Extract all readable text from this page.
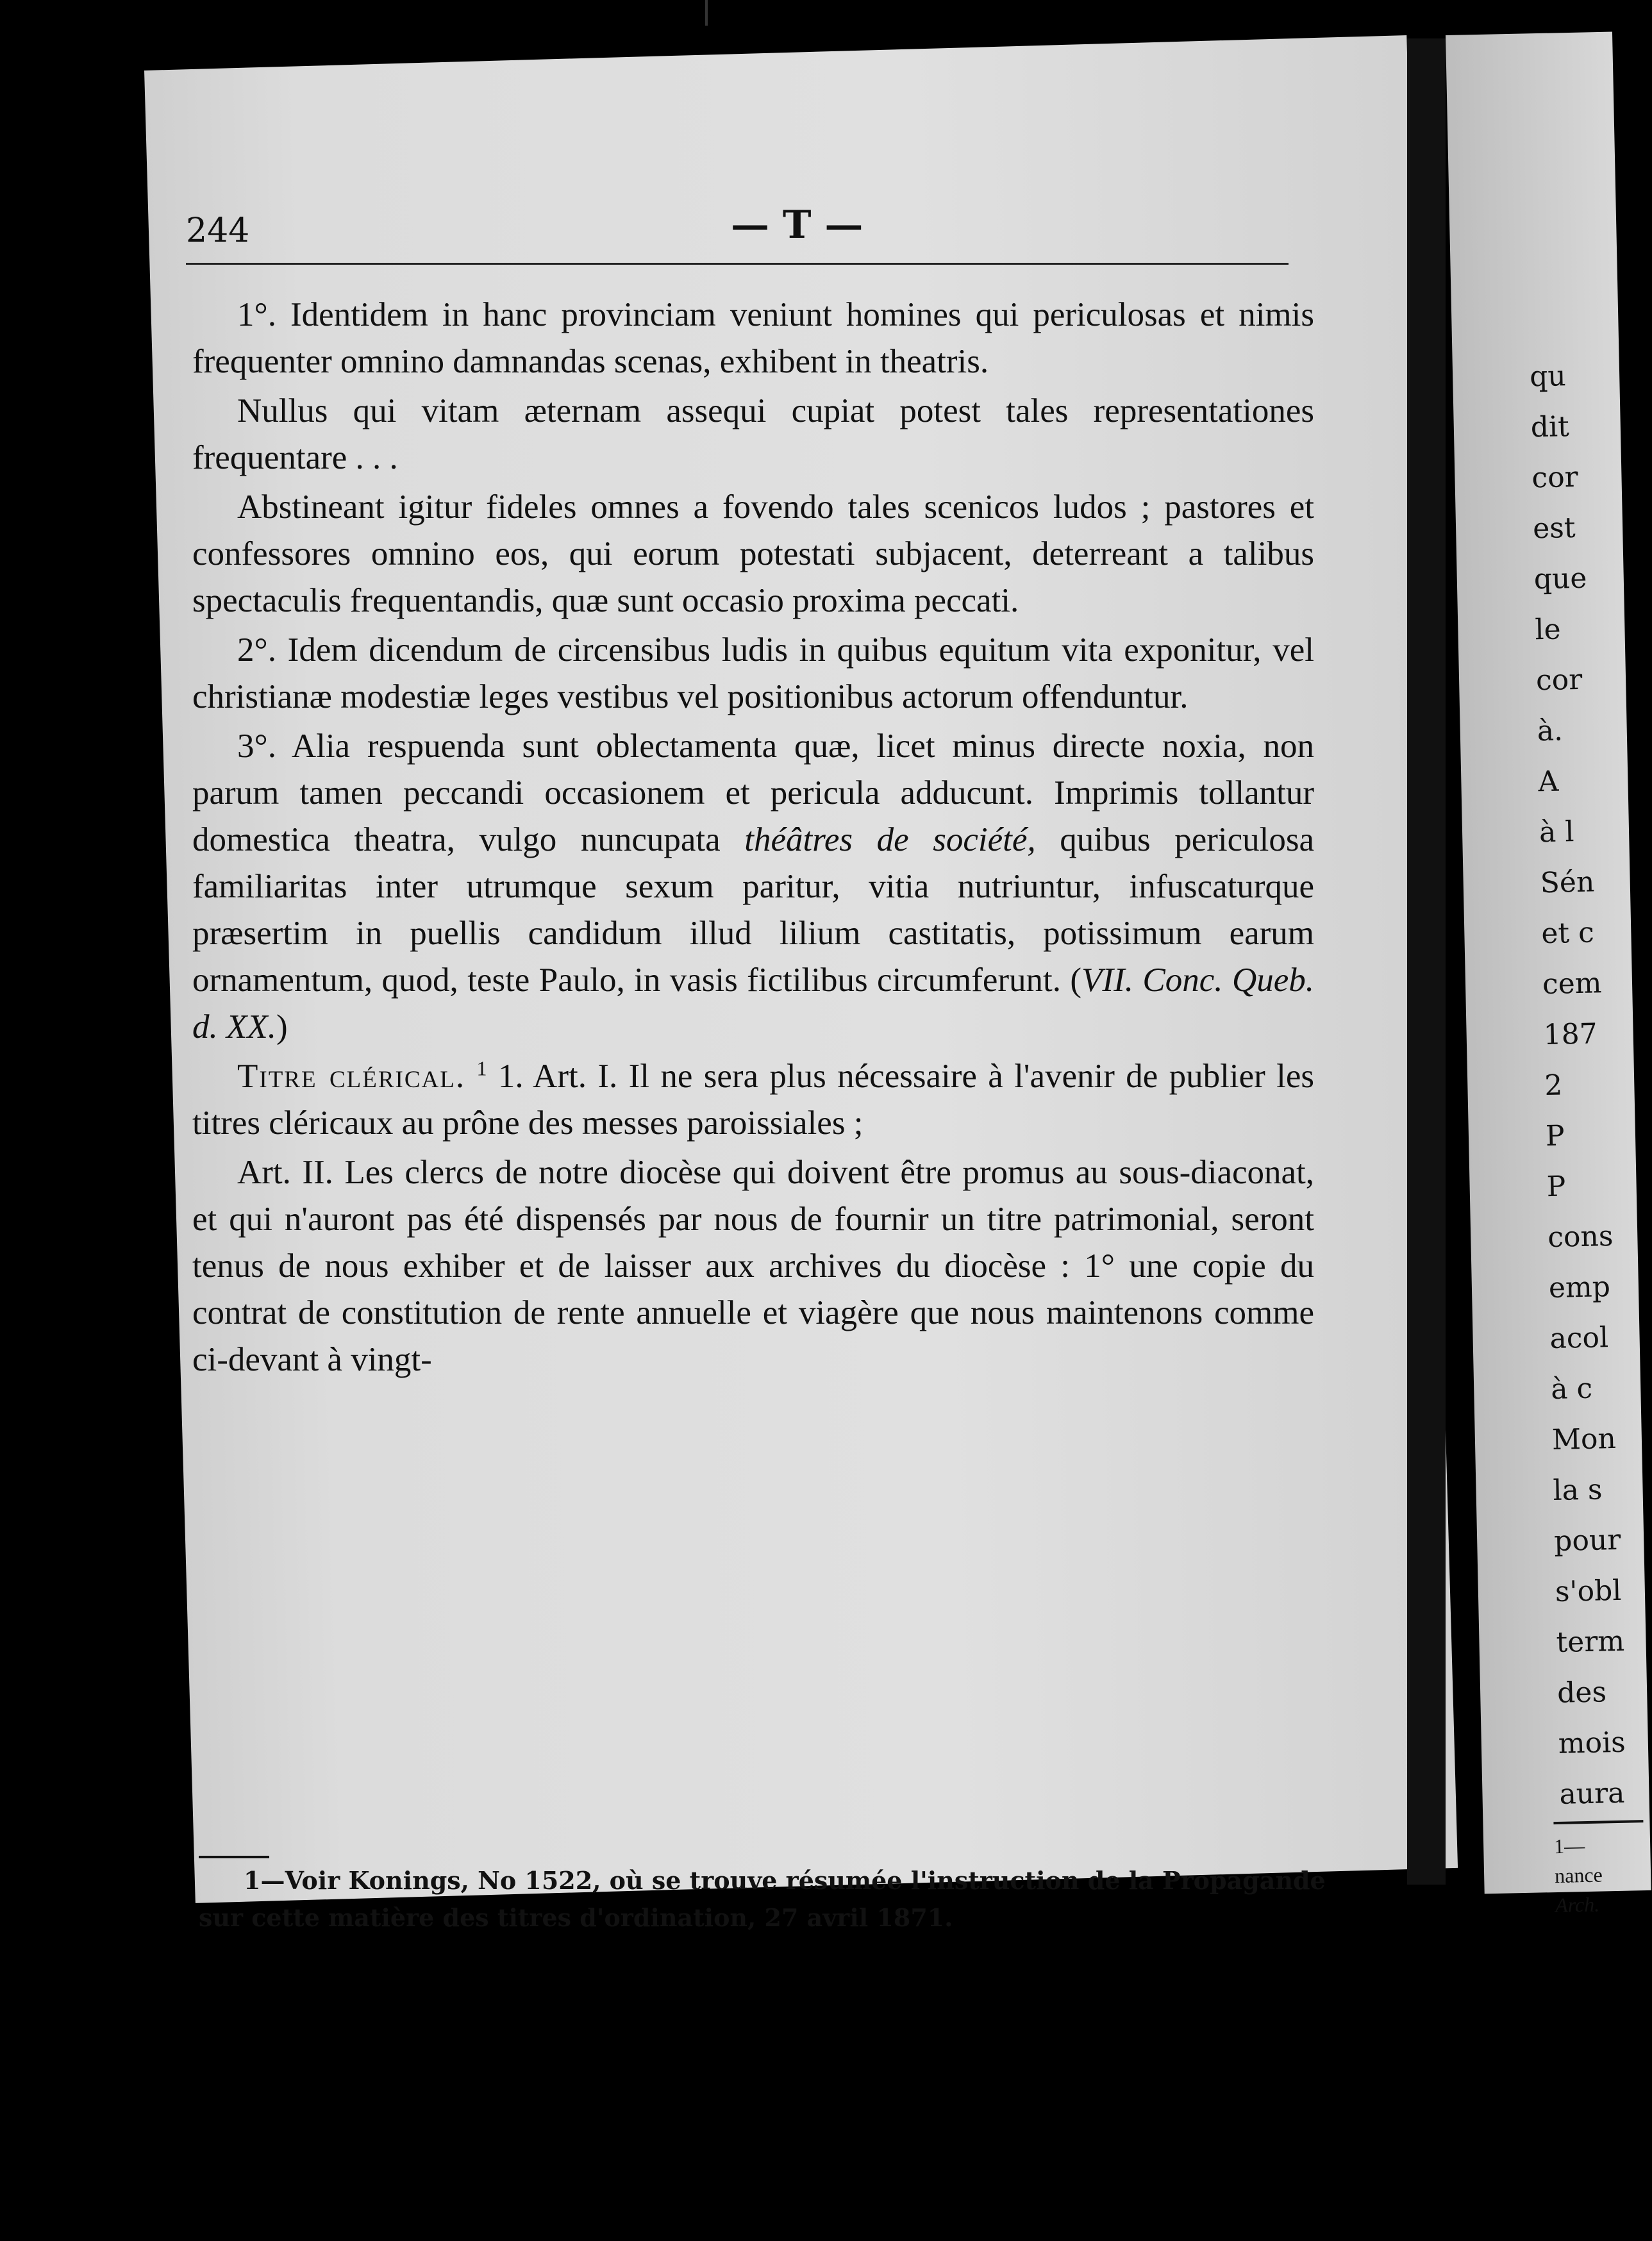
qu
dit
cor
est
que
le
cor
à.
A
à l
Sén
et c
cem
187
2
P
P
cons
emp
acol
à c
Mon
la s
pour
s'obl
term
des
mois
aura
1—
nance
Arch.
244	— T —

1°. Identidem in hanc provinciam veniunt homines qui periculosas et nimis frequenter omnino damnandas scenas, exhibent in theatris.

Nullus qui vitam æternam assequi cupiat potest tales representationes frequentare . . .

Abstineant igitur fideles omnes a fovendo tales scenicos ludos ; pastores et confessores omnino eos, qui eorum potestati subjacent, deterreant a talibus spectaculis frequentandis, quæ sunt occasio proxima peccati.

2°. Idem dicendum de circensibus ludis in quibus equitum vita exponitur, vel christianæ modestiæ leges vestibus vel positionibus actorum offenduntur.

3°. Alia respuenda sunt oblectamenta quæ, licet minus directe noxia, non parum tamen peccandi occasionem et pericula adducunt. Imprimis tollantur domestica theatra, vulgo nuncupata théâtres de société, quibus periculosa familiaritas inter utrumque sexum paritur, vitia nutriuntur, infuscaturque præsertim in puellis candidum illud lilium castitatis, potissimum earum ornamentum, quod, teste Paulo, in vasis fictilibus circumferunt. (VII. Conc. Queb. d. XX.)

Titre clérical. $^1$ 1. Art. I. Il ne sera plus nécessaire à l'avenir de publier les titres cléricaux au prône des messes paroissiales ;

Art. II. Les clercs de notre diocèse qui doivent être promus au sous-diaconat, et qui n'auront pas été dispensés par nous de fournir un titre patrimonial, seront tenus de nous exhiber et de laisser aux archives du diocèse : 1° une copie du contrat de constitution de rente annuelle et viagère que nous maintenons comme ci-devant à vingt-

1—Voir Konings, No 1522, où se trouve résumée l'instruction de la Propagande sur cette matière des titres d'ordination, 27 avril 1871.
